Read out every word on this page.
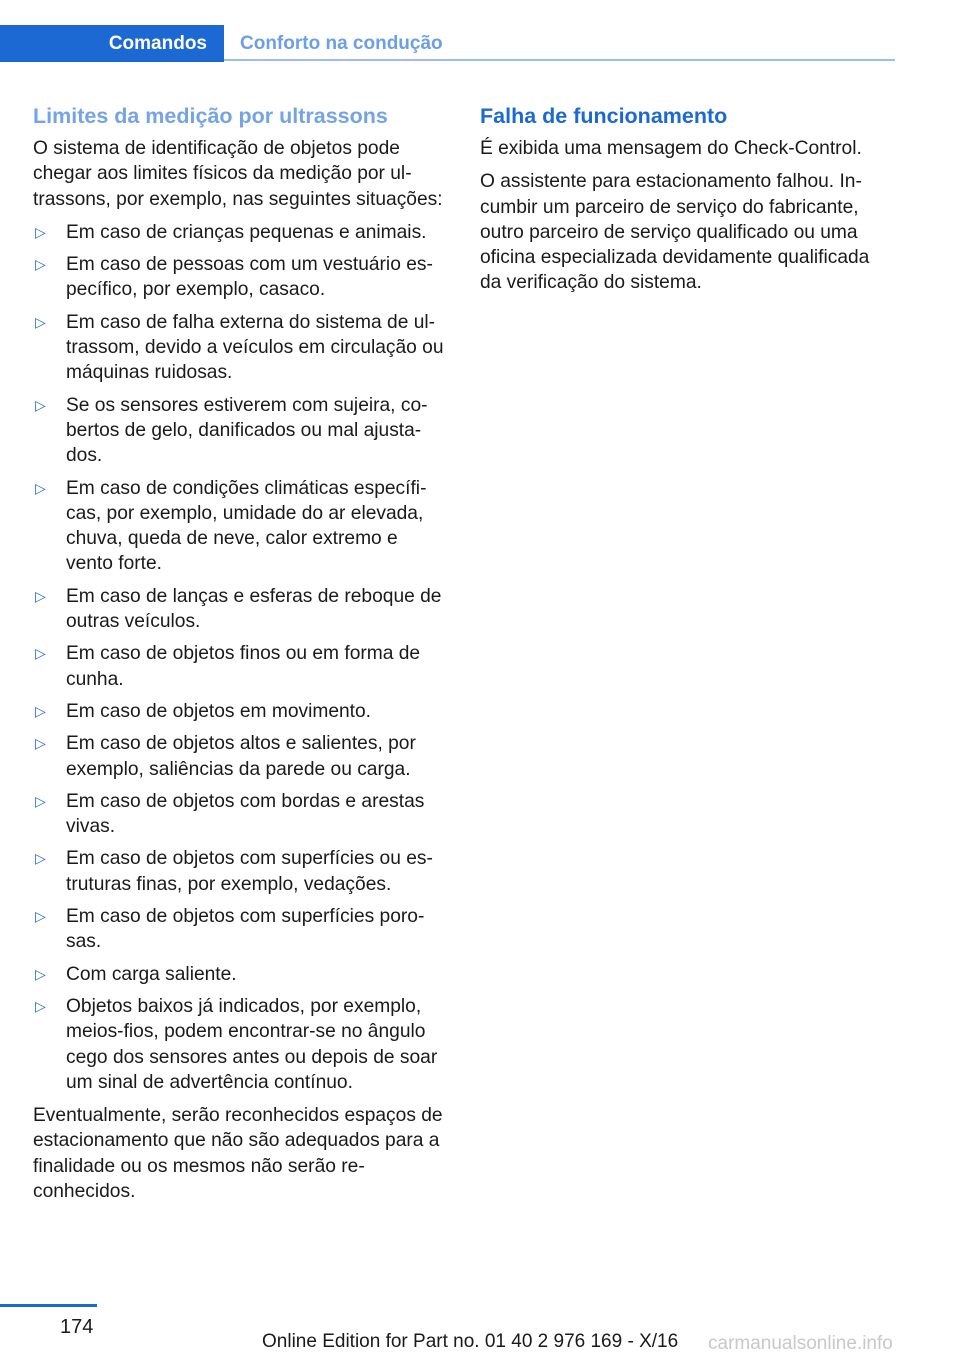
Comandos	Conforto na condução
Limites da medição por ultrassons

O sistema de identificação de objetos pode chegar aos limites físicos da medição por ultrassons, por exemplo, nas seguintes situações:

▷ Em caso de crianças pequenas e animais.
▷ Em caso de pessoas com um vestuário específico, por exemplo, casaco.
▷ Em caso de falha externa do sistema de ultrassom, devido a veículos em circulação ou máquinas ruidosas.
▷ Se os sensores estiverem com sujeira, cobertos de gelo, danificados ou mal ajustados.
▷ Em caso de condições climáticas específicas, por exemplo, umidade do ar elevada, chuva, queda de neve, calor extremo e vento forte.
▷ Em caso de lanças e esferas de reboque de outras veículos.
▷ Em caso de objetos finos ou em forma de cunha.
▷ Em caso de objetos em movimento.
▷ Em caso de objetos altos e salientes, por exemplo, saliências da parede ou carga.
▷ Em caso de objetos com bordas e arestas vivas.
▷ Em caso de objetos com superfícies ou estruturas finas, por exemplo, vedações.
▷ Em caso de objetos com superfícies porosas.
▷ Com carga saliente.
▷ Objetos baixos já indicados, por exemplo, meios-fios, podem encontrar-se no ângulo cego dos sensores antes ou depois de soar um sinal de advertência contínuo.

Eventualmente, serão reconhecidos espaços de estacionamento que não são adequados para a finalidade ou os mesmos não serão reconhecidos.

Falha de funcionamento

É exibida uma mensagem do Check-Control.

O assistente para estacionamento falhou. Incumbir um parceiro de serviço do fabricante, outro parceiro de serviço qualificado ou uma oficina especializada devidamente qualificada da verificação do sistema.

174
Online Edition for Part no. 01 40 2 976 169 - X/16 carmanualsonline.info
